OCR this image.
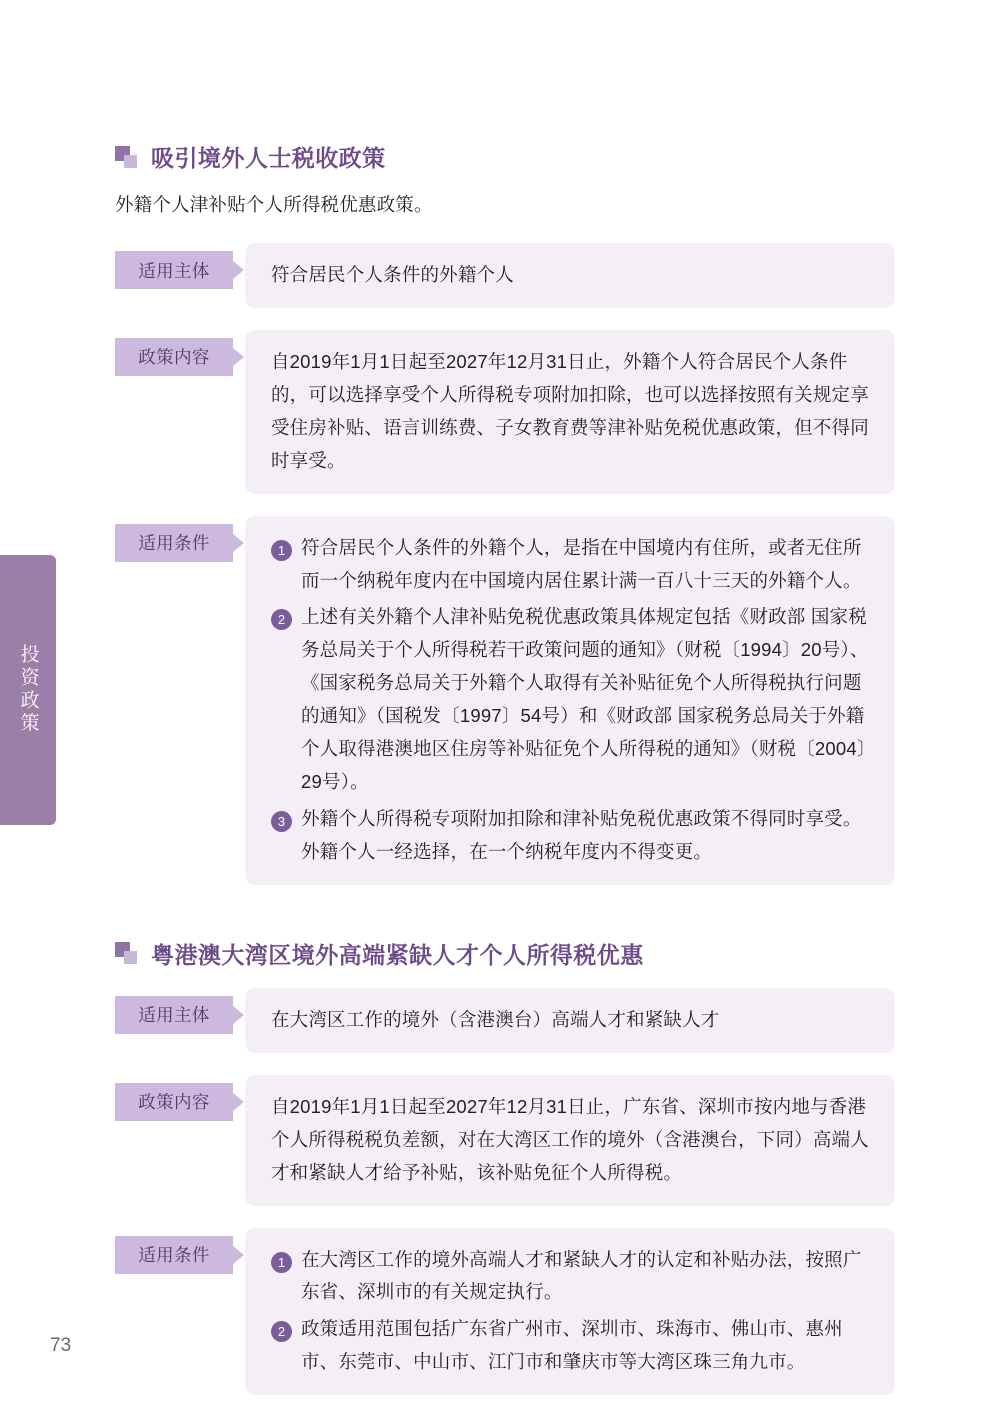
投资政策
吸引境外人士税收政策

外籍个人津补贴个人所得税优惠政策。

适用主体	符合居民个人条件的外籍个人

政策内容	自2019年1月1日起至2027年12月31日止，外籍个人符合居民个人条件的，可以选择享受个人所得税专项附加扣除，也可以选择按照有关规定享受住房补贴、语言训练费、子女教育费等津补贴免税优惠政策，但不得同时享受。

适用条件	1 符合居民个人条件的外籍个人，是指在中国境内有住所，或者无住所而一个纳税年度内在中国境内居住累计满一百八十三天的外籍个人。
2 上述有关外籍个人津补贴免税优惠政策具体规定包括《财政部 国家税务总局关于个人所得税若干政策问题的通知》（财税〔1994〕20号）、《国家税务总局关于外籍个人取得有关补贴征免个人所得税执行问题的通知》（国税发〔1997〕54号）和《财政部 国家税务总局关于外籍个人取得港澳地区住房等补贴征免个人所得税的通知》（财税〔2004〕29号）。
3 外籍个人所得税专项附加扣除和津补贴免税优惠政策不得同时享受。外籍个人一经选择，在一个纳税年度内不得变更。
粤港澳大湾区境外高端紧缺人才个人所得税优惠
适用主体	在大湾区工作的境外（含港澳台）高端人才和紧缺人才

政策内容	自2019年1月1日起至2027年12月31日止，广东省、深圳市按内地与香港个人所得税税负差额，对在大湾区工作的境外（含港澳台，下同）高端人才和紧缺人才给予补贴，该补贴免征个人所得税。

适用条件	1 在大湾区工作的境外高端人才和紧缺人才的认定和补贴办法，按照广东省、深圳市的有关规定执行。
2 政策适用范围包括广东省广州市、深圳市、珠海市、佛山市、惠州市、东莞市、中山市、江门市和肇庆市等大湾区珠三角九市。
73
